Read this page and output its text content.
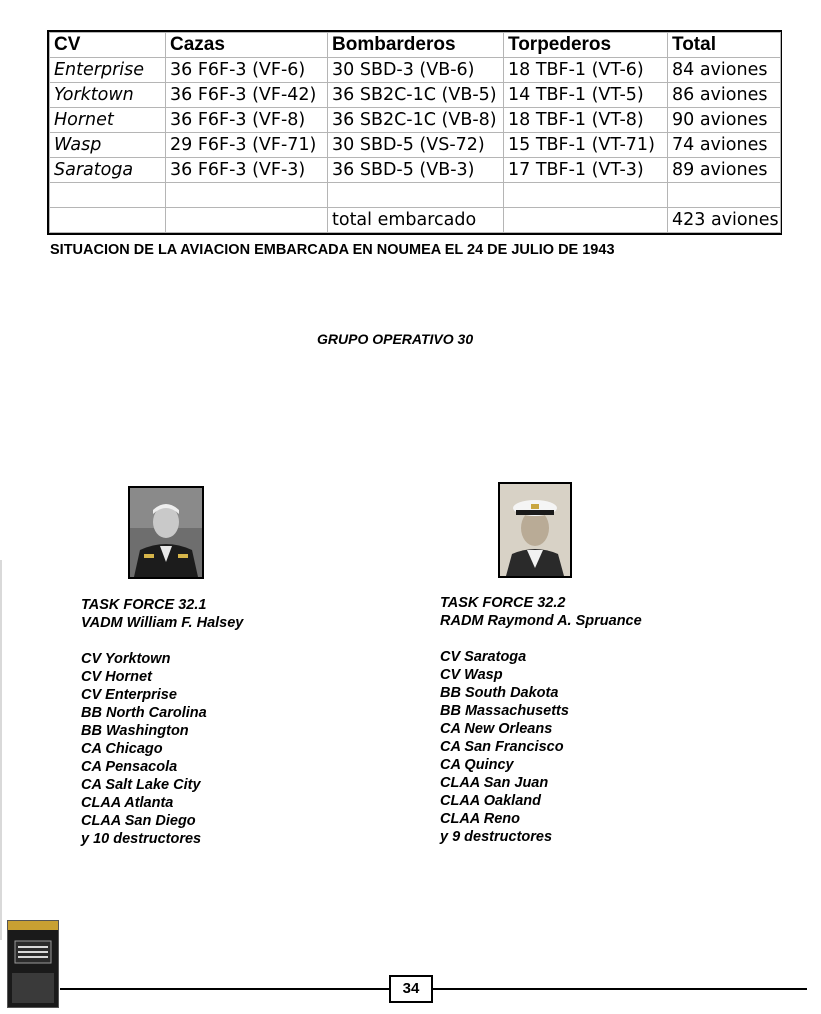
CV	Cazas	Bombarderos	Torpederos	Total
Enterprise	36 F6F-3 (VF-6)	30 SBD-3 (VB-6)	18 TBF-1 (VT-6)	84 aviones
Yorktown	36 F6F-3 (VF-42)	36 SB2C-1C (VB-5)	14 TBF-1 (VT-5)	86 aviones
Hornet	36 F6F-3 (VF-8)	36 SB2C-1C (VB-8)	18 TBF-1 (VT-8)	90 aviones
Wasp	29 F6F-3 (VF-71)	30 SBD-5 (VS-72)	15 TBF-1 (VT-71)	74 aviones
Saratoga	36 F6F-3 (VF-3)	36 SBD-5 (VB-3)	17 TBF-1 (VT-3)	89 aviones

		total embarcado		423 aviones
SITUACION DE LA AVIACION EMBARCADA EN NOUMEA EL 24 DE JULIO DE 1943
GRUPO OPERATIVO 30
TASK FORCE 32.1
VADM William F. Halsey
CV Yorktown
CV Hornet
CV Enterprise
BB North Carolina
BB Washington
CA Chicago
CA Pensacola
CA Salt Lake City
CLAA Atlanta
CLAA San Diego
y 10 destructores
TASK FORCE 32.2
RADM Raymond A. Spruance
CV Saratoga
CV Wasp
BB South Dakota
BB Massachusetts
CA New Orleans
CA San Francisco
CA Quincy
CLAA San Juan
CLAA Oakland
CLAA Reno
y 9 destructores
34
